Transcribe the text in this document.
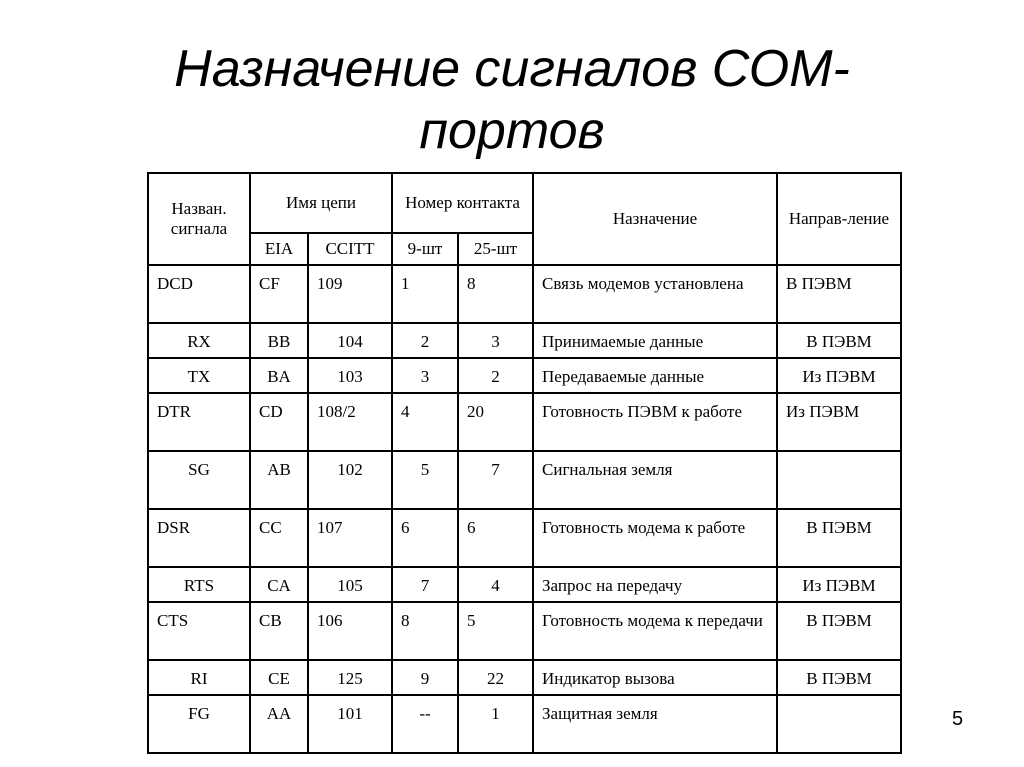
Назначение сигналов СОМ-
портов
Назван. сигнала	Имя цепи		Номер контакта		Назначение	Направ-ление
	EIA	CCITT	9-шт	25-шт		
DCD	CF	109	1	8	Связь модемов установлена	В ПЭВМ
RX	BB	104	2	3	Принимаемые данные	В ПЭВМ
TX	BA	103	3	2	Передаваемые данные	Из ПЭВМ
DTR	CD	108/2	4	20	Готовность ПЭВМ к работе	Из ПЭВМ
SG	AB	102	5	7	Сигнальная земля	
DSR	CC	107	6	6	Готовность модема к работе	В ПЭВМ
RTS	CA	105	7	4	Запрос на передачу	Из ПЭВМ
CTS	CB	106	8	5	Готовность модема к передачи	В ПЭВМ
RI	CE	125	9	22	Индикатор вызова	В ПЭВМ
FG	AA	101	--	1	Защитная земля		5
